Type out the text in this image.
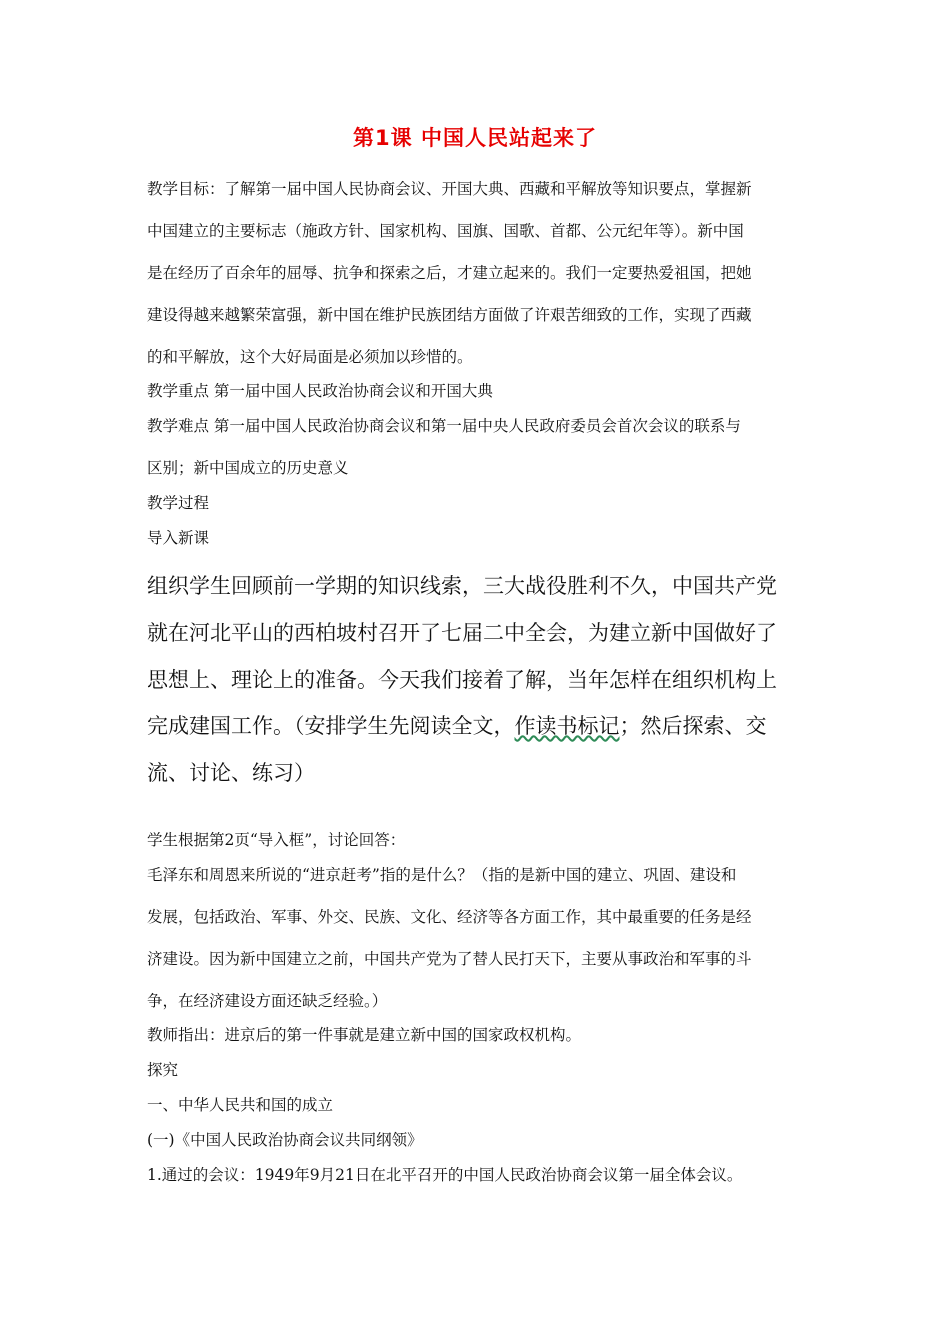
第1课 中国人民站起来了
教学目标：了解第一届中国人民协商会议、开国大典、西藏和平解放等知识要点，掌握新
中国建立的主要标志（施政方针、国家机构、国旗、国歌、首都、公元纪年等）。新中国
是在经历了百余年的屈辱、抗争和探索之后，才建立起来的。我们一定要热爱祖国，把她
建设得越来越繁荣富强，新中国在维护民族团结方面做了许艰苦细致的工作，实现了西藏
的和平解放，这个大好局面是必须加以珍惜的。
教学重点 第一届中国人民政治协商会议和开国大典
教学难点 第一届中国人民政治协商会议和第一届中央人民政府委员会首次会议的联系与
区别；新中国成立的历史意义
教学过程
导入新课
组织学生回顾前一学期的知识线索，三大战役胜利不久，中国共产党
就在河北平山的西柏坡村召开了七届二中全会，为建立新中国做好了
思想上、理论上的准备。今天我们接着了解，当年怎样在组织机构上
完成建国工作。（安排学生先阅读全文，作读书标记；然后探索、交
流、讨论、练习）
学生根据第2页“导入框”，讨论回答：
毛泽东和周恩来所说的“进京赶考”指的是什么？（指的是新中国的建立、巩固、建设和
发展，包括政治、军事、外交、民族、文化、经济等各方面工作，其中最重要的任务是经
济建设。因为新中国建立之前，中国共产党为了替人民打天下，主要从事政治和军事的斗
争，在经济建设方面还缺乏经验。）
教师指出：进京后的第一件事就是建立新中国的国家政权机构。
探究
一、中华人民共和国的成立
(一)《中国人民政治协商会议共同纲领》
1.通过的会议：1949年9月21日在北平召开的中国人民政治协商会议第一届全体会议。
